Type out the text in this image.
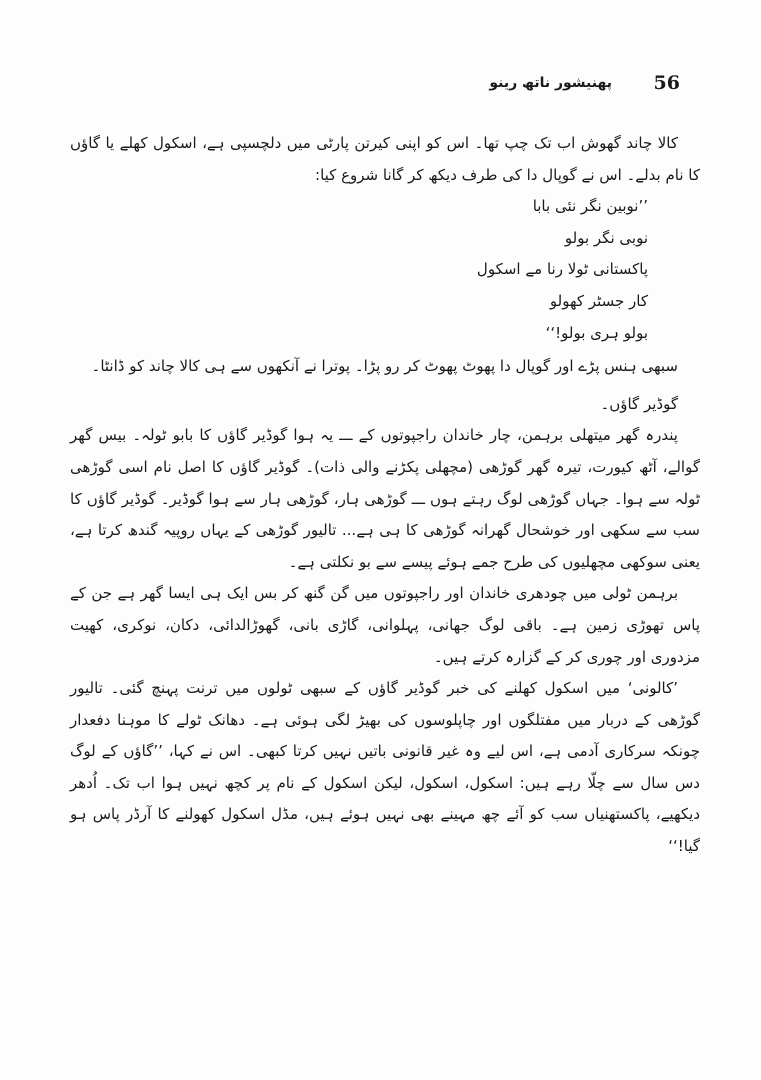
56
پھنیشور ناتھ رینو

کالا چاند گھوش اب تک چپ تھا۔ اس کو اپنی کیرتن پارٹی میں دلچسپی ہے، اسکول کھلے یا گاؤں کا نام بدلے۔ اس نے گوپال دا کی طرف دیکھ کر گانا شروع کیا:

’’نوبین نگر نئی بابا

نوبی نگر بولو

پاکستانی ٹولا رنا مے اسکول

کار جسٹر کھولو

بولو ہری بولو!‘‘

سبھی ہنس پڑے اور گوپال دا پھوٹ پھوٹ کر رو پڑا۔ پوترا نے آنکھوں سے ہی کالا چاند کو ڈانٹا۔

گوڈیر گاؤں۔

پندرہ گھر میتھلی برہمن، چار خاندان راجپوتوں کے ـــ یہ ہوا گوڈیر گاؤں کا بابو ٹولہ۔ بیس گھر گوالے، آٹھ کیورت، تیرہ گھر گوڑھی (مچھلی پکڑنے والی ذات)۔ گوڈیر گاؤں کا اصل نام اسی گوڑھی ٹولہ سے ہوا۔ جہاں گوڑھی لوگ رہتے ہوں ـــ گوڑھی ہار، گوڑھی ہار سے ہوا گوڈیر۔ گوڈیر گاؤں کا سب سے سکھی اور خوشحال گھرانہ گوڑھی کا ہی ہے... تالیور گوڑھی کے یہاں روپیہ گندھ کرتا ہے، یعنی سوکھی مچھلیوں کی طرح جمے ہوئے پیسے سے بو نکلتی ہے۔

برہمن ٹولی میں چودھری خاندان اور راجپوتوں میں گن گنھ کر بس ایک ہی ایسا گھر ہے جن کے پاس تھوڑی زمین ہے۔ باقی لوگ جھانی، پہلوانی، گاڑی بانی، گھوڑالدائی، دکان، نوکری، کھیت مزدوری اور چوری کر کے گزارہ کرتے ہیں۔

’کالونی‘ میں اسکول کھلنے کی خبر گوڈیر گاؤں کے سبھی ٹولوں میں ترنت پہنچ گئی۔ تالیور گوڑھی کے دربار میں مفتلگوں اور چاپلوسوں کی بھیڑ لگی ہوئی ہے۔ دھانک ٹولے کا موہنا دفعدار چونکہ سرکاری آدمی ہے، اس لیے وہ غیر قانونی باتیں نہیں کرتا کبھی۔ اس نے کہا، ’’گاؤں کے لوگ دس سال سے چلّا رہے ہیں: اسکول، اسکول، لیکن اسکول کے نام پر کچھ نہیں ہوا اب تک۔ اُدھر دیکھیے، پاکستھنیاں سب کو آئے چھ مہینے بھی نہیں ہوئے ہیں، مڈل اسکول کھولنے کا آرڈر پاس ہو گیا!‘‘
